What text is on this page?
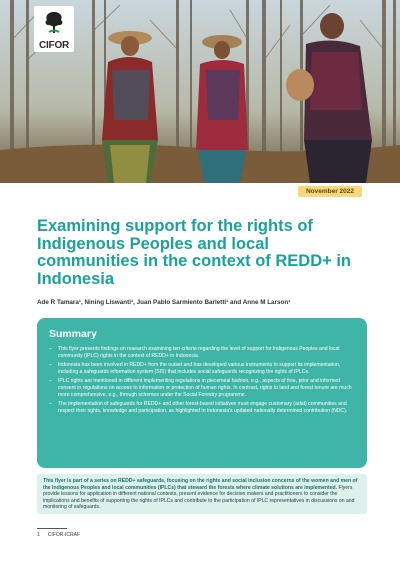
CIFOR
November 2022
Examining support for the rights of Indigenous Peoples and local communities in the context of REDD+ in Indonesia
Ade R Tamara¹, Nining Liswanti¹, Juan Pablo Sarmiento Barletti¹ and Anne M Larson¹
Summary
– This flyer presents findings on research examining ten criteria regarding the level of support for Indigenous Peoples and local community (IPLC) rights in the context of REDD+ in Indonesia.
– Indonesia has been involved in REDD+ from the outset and has developed various instruments to support its implementation, including a safeguards information system (SIS) that includes social safeguards recognizing the rights of IPLCs.
– IPLC rights are mentioned in different implementing regulations in piecemeal fashion, e.g., aspects of free, prior and informed consent in regulations on access to information or protection of human rights. In contrast, rights to land and forest tenure are much more comprehensive, e.g., through schemes under the Social Forestry programme.
– The implementation of safeguards for REDD+ and other forest-based initiatives must engage customary (adat) communities and respect their rights, knowledge and participation, as highlighted in Indonesia's updated nationally determined contribution (NDC).
This flyer is part of a series on REDD+ safeguards, focusing on the rights and social inclusion concerns of the women and men of the Indigenous Peoples and local communities (IPLCs) that steward the forests where climate solutions are implemented. Flyers provide lessons for application in different national contexts, present evidence for decision makers and practitioners to consider the implications and benefits of supporting the rights of IPLCs and contribute to the participation of IPLC representatives in discussions on and monitoring of safeguards.
1 CIFOR-ICRAF
